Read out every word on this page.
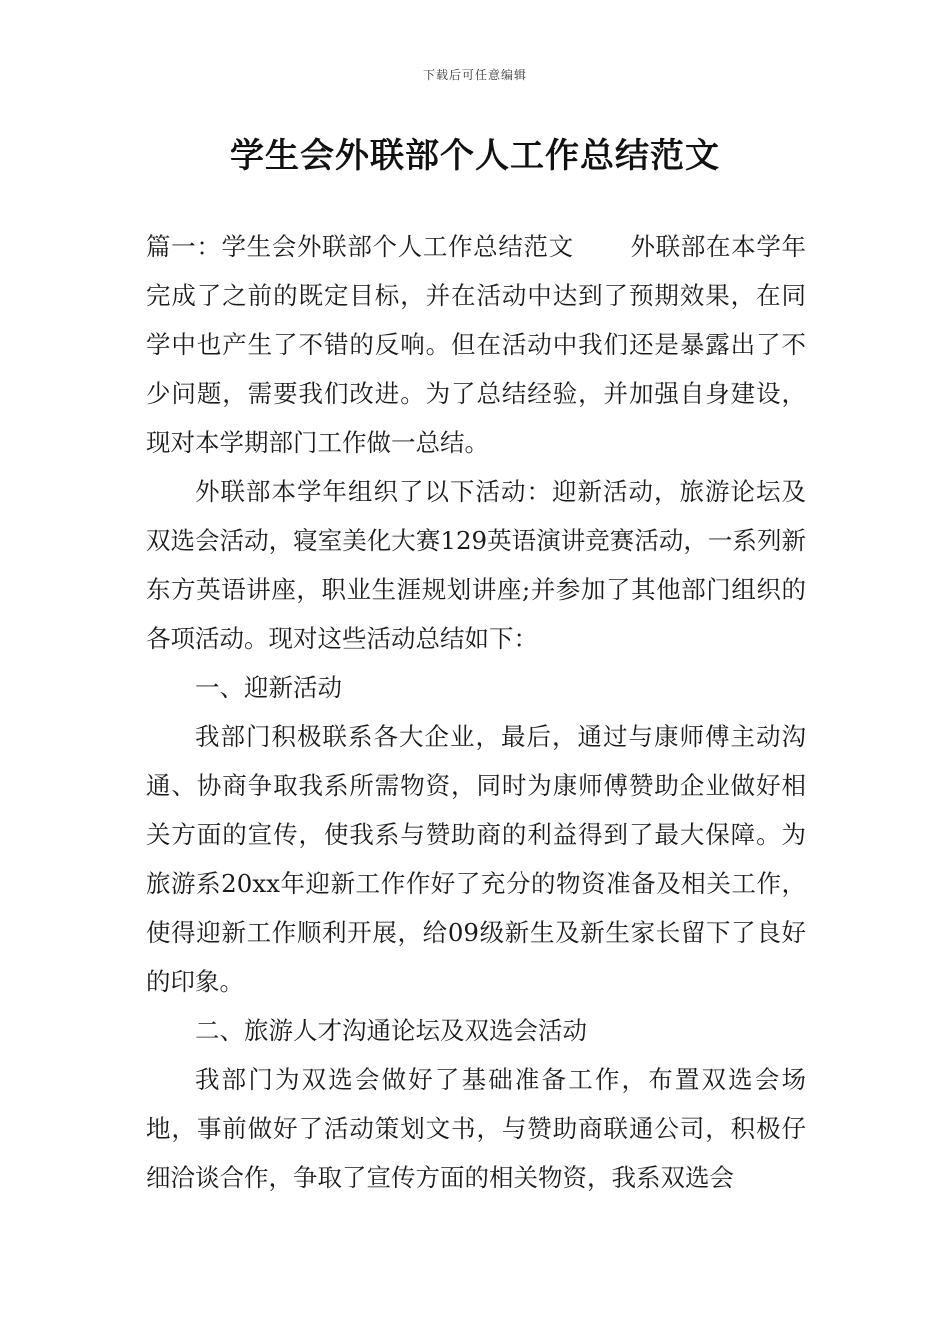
下载后可任意编辑
学生会外联部个人工作总结范文

篇一：学生会外联部个人工作总结范文 外联部在本学年完成了之前的既定目标，并在活动中达到了预期效果，在同学中也产生了不错的反响。但在活动中我们还是暴露出了不少问题，需要我们改进。为了总结经验，并加强自身建设，现对本学期部门工作做一总结。

外联部本学年组织了以下活动：迎新活动，旅游论坛及双选会活动，寝室美化大赛129英语演讲竞赛活动，一系列新东方英语讲座，职业生涯规划讲座;并参加了其他部门组织的各项活动。现对这些活动总结如下：

一、迎新活动

我部门积极联系各大企业，最后，通过与康师傅主动沟通、协商争取我系所需物资，同时为康师傅赞助企业做好相关方面的宣传，使我系与赞助商的利益得到了最大保障。为旅游系20xx年迎新工作作好了充分的物资准备及相关工作，使得迎新工作顺利开展，给09级新生及新生家长留下了良好的印象。

二、旅游人才沟通论坛及双选会活动

我部门为双选会做好了基础准备工作，布置双选会场地，事前做好了活动策划文书，与赞助商联通公司，积极仔细洽谈合作，争取了宣传方面的相关物资，我系双选会
